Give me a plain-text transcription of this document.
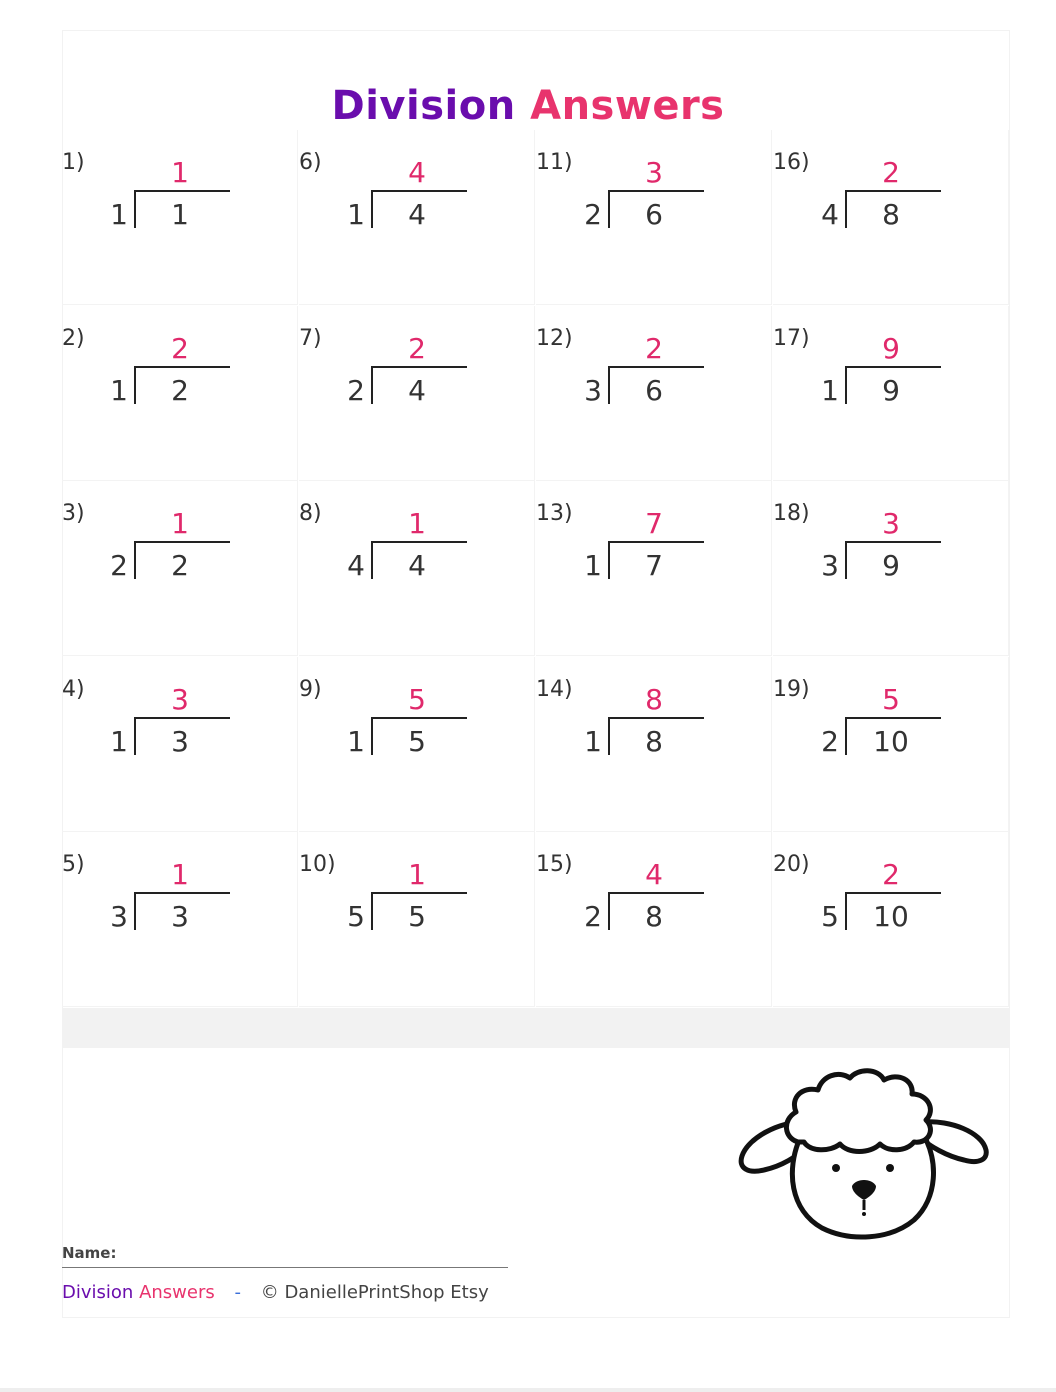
Division Answers
1)	1
1	1
2)	2
1	2
3)	1
2	2
4)	3
1	3
5)	1
3	3
6)	4
1	4
7)	2
2	4
8)	1
4	4
9)	5
1	5
10)	1
5	5
11)	3
2	6
12)	2
3	6
13)	7
1	7
14)	8
1	8
15)	4
2	8
16)	2
4	8
17)	9
1	9
18)	3
3	9
19)	5
2 10
20)	2
5 10
Name:
Division Answers - © DaniellePrintShop Etsy
